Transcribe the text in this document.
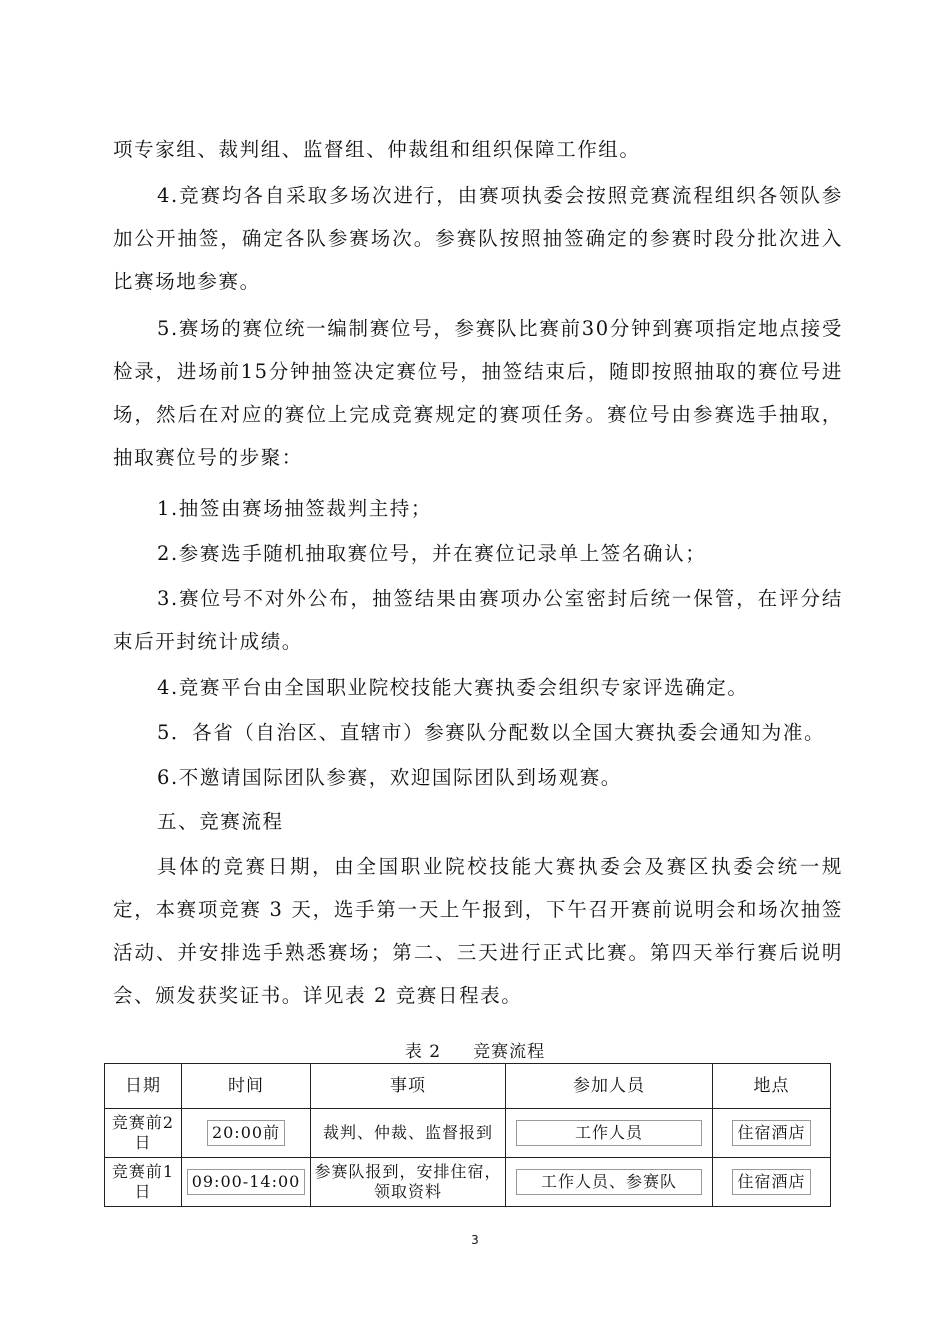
项专家组、裁判组、监督组、仲裁组和组织保障工作组。

4.竞赛均各自采取多场次进行，由赛项执委会按照竞赛流程组织各领队参加公开抽签，确定各队参赛场次。参赛队按照抽签确定的参赛时段分批次进入比赛场地参赛。

5.赛场的赛位统一编制赛位号，参赛队比赛前30分钟到赛项指定地点接受检录，进场前15分钟抽签决定赛位号，抽签结束后，随即按照抽取的赛位号进场，然后在对应的赛位上完成竞赛规定的赛项任务。赛位号由参赛选手抽取，抽取赛位号的步聚：

1.抽签由赛场抽签裁判主持；

2.参赛选手随机抽取赛位号，并在赛位记录单上签名确认；

3.赛位号不对外公布，抽签结果由赛项办公室密封后统一保管，在评分结束后开封统计成绩。

4.竞赛平台由全国职业院校技能大赛执委会组织专家评选确定。

5．各省（自治区、直辖市）参赛队分配数以全国大赛执委会通知为准。

6.不邀请国际团队参赛，欢迎国际团队到场观赛。

五、竞赛流程

具体的竞赛日期，由全国职业院校技能大赛执委会及赛区执委会统一规定，本赛项竞赛 3 天，选手第一天上午报到，下午召开赛前说明会和场次抽签活动、并安排选手熟悉赛场；第二、三天进行正式比赛。第四天举行赛后说明会、颁发获奖证书。详见表 2 竞赛日程表。

表 2     竞赛流程
日期	时间	事项	参加人员	地点
竞赛前2日	20:00前	裁判、仲裁、监督报到	工作人员	住宿酒店
竞赛前1日	09:00-14:00	参赛队报到，安排住宿，领取资料	工作人员、参赛队	住宿酒店
3
